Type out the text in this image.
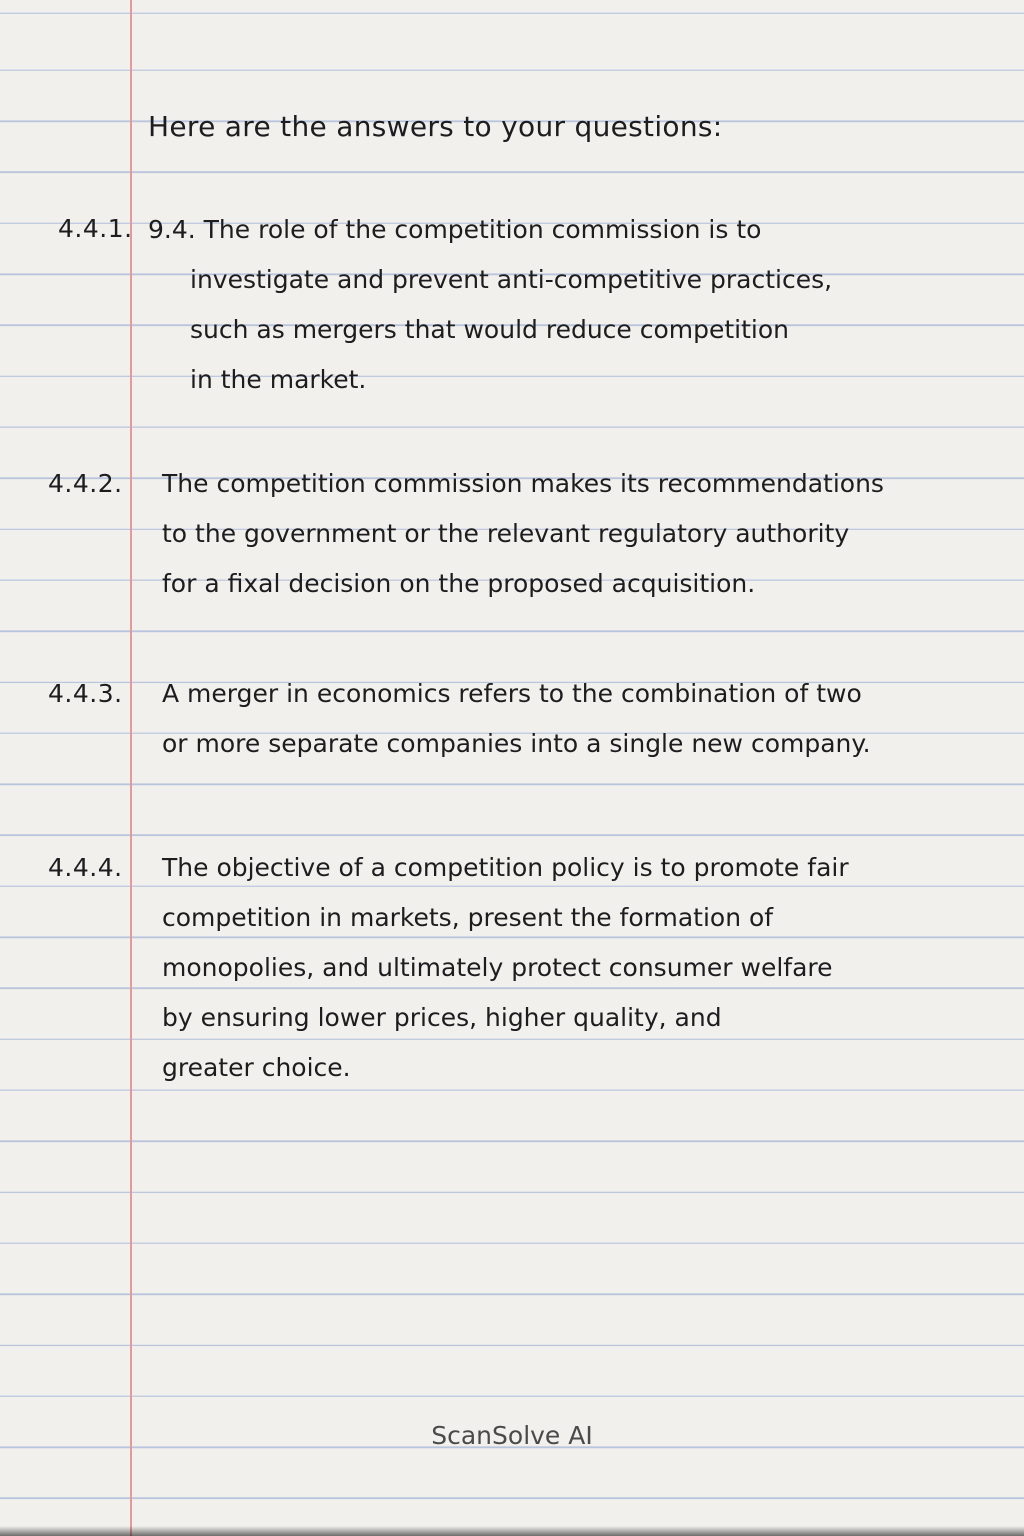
Here are the answers to your questions:
4.4.1. 9.4. The role of the competition commission is to
investigate and prevent anti-competitive practices,
such as mergers that would reduce competition
in the market.
4.4.2. The competition commission makes its recommendations
to the government or the relevant regulatory authority
for a fixal decision on the proposed acquisition.
4.4.3. A merger in economics refers to the combination of two
or more separate companies into a single new company.
4.4.4. The objective of a competition policy is to promote fair
competition in markets, present the formation of
monopolies, and ultimately protect consumer welfare
by ensuring lower prices, higher quality, and
greater choice.
ScanSolve AI
